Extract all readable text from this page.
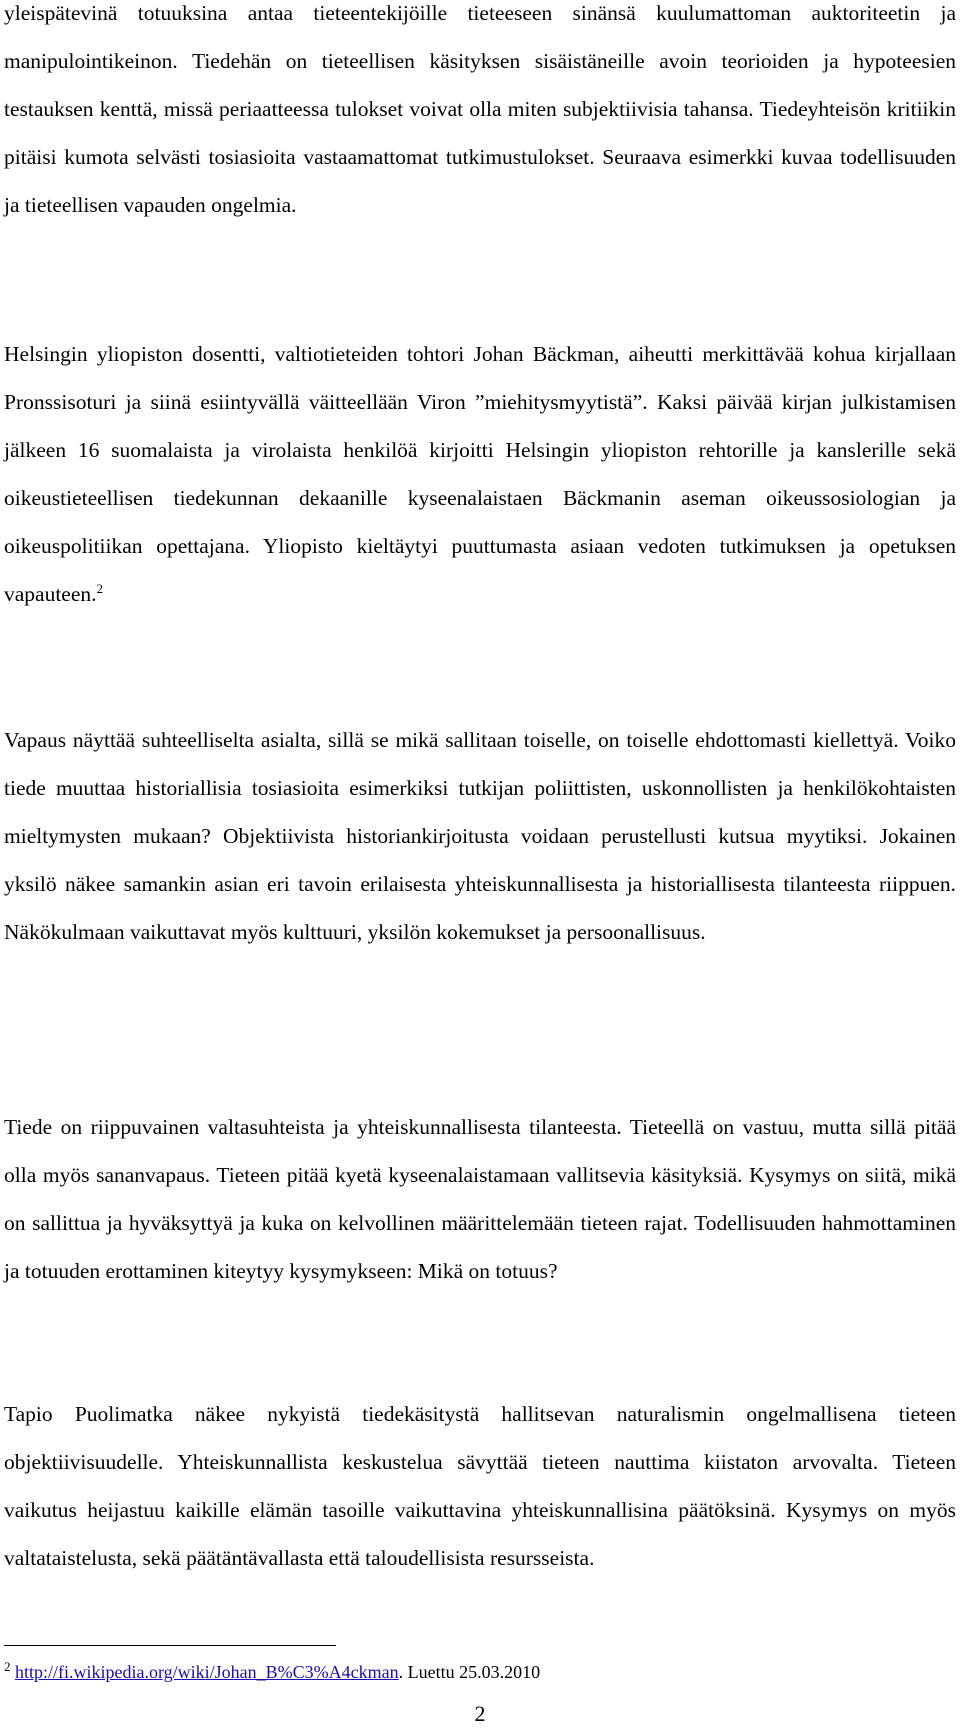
yleispätevinä totuuksina antaa tieteentekijöille tieteeseen sinänsä kuulumattoman auktoriteetin ja manipulointikeinon. Tiedehän on tieteellisen käsityksen sisäistäneille avoin teorioiden ja hypoteesien testauksen kenttä, missä periaatteessa tulokset voivat olla miten subjektiivisia tahansa. Tiedeyhteisön kritiikin pitäisi kumota selvästi tosiasioita vastaamattomat tutkimustulokset. Seuraava esimerkki kuvaa todellisuuden ja tieteellisen vapauden ongelmia.

Helsingin yliopiston dosentti, valtiotieteiden tohtori Johan Bäckman, aiheutti merkittävää kohua kirjallaan Pronssisoturi ja siinä esiintyvällä väitteellään Viron ”miehitysmyytistä”. Kaksi päivää kirjan julkistamisen jälkeen 16 suomalaista ja virolaista henkilöä kirjoitti Helsingin yliopiston rehtorille ja kanslerille sekä oikeustieteellisen tiedekunnan dekaanille kyseenalaistaen Bäckmanin aseman oikeussosiologian ja oikeuspolitiikan opettajana. Yliopisto kieltäytyi puuttumasta asiaan vedoten tutkimuksen ja opetuksen vapauteen.$^2$

Vapaus näyttää suhteelliselta asialta, sillä se mikä sallitaan toiselle, on toiselle ehdottomasti kiellettyä. Voiko tiede muuttaa historiallisia tosiasioita esimerkiksi tutkijan poliittisten, uskonnollisten ja henkilökohtaisten mieltymysten mukaan? Objektiivista historiankirjoitusta voidaan perustellusti kutsua myytiksi. Jokainen yksilö näkee samankin asian eri tavoin erilaisesta yhteiskunnallisesta ja historiallisesta tilanteesta riippuen. Näkökulmaan vaikuttavat myös kulttuuri, yksilön kokemukset ja persoonallisuus.

Tiede on riippuvainen valtasuhteista ja yhteiskunnallisesta tilanteesta. Tieteellä on vastuu, mutta sillä pitää olla myös sananvapaus. Tieteen pitää kyetä kyseenalaistamaan vallitsevia käsityksiä. Kysymys on siitä, mikä on sallittua ja hyväksyttyä ja kuka on kelvollinen määrittelemään tieteen rajat. Todellisuuden hahmottaminen ja totuuden erottaminen kiteytyy kysymykseen: Mikä on totuus?

Tapio Puolimatka näkee nykyistä tiedekäsitystä hallitsevan naturalismin ongelmallisena tieteen objektiivisuudelle. Yhteiskunnallista keskustelua sävyttää tieteen nauttima kiistaton arvovalta. Tieteen vaikutus heijastuu kaikille elämän tasoille vaikuttavina yhteiskunnallisina päätöksinä. Kysymys on myös valtataistelusta, sekä päätäntävallasta että taloudellisista resursseista.

$^2$ http://fi.wikipedia.org/wiki/Johan_B%C3%A4ckman. Luettu 25.03.2010
2
